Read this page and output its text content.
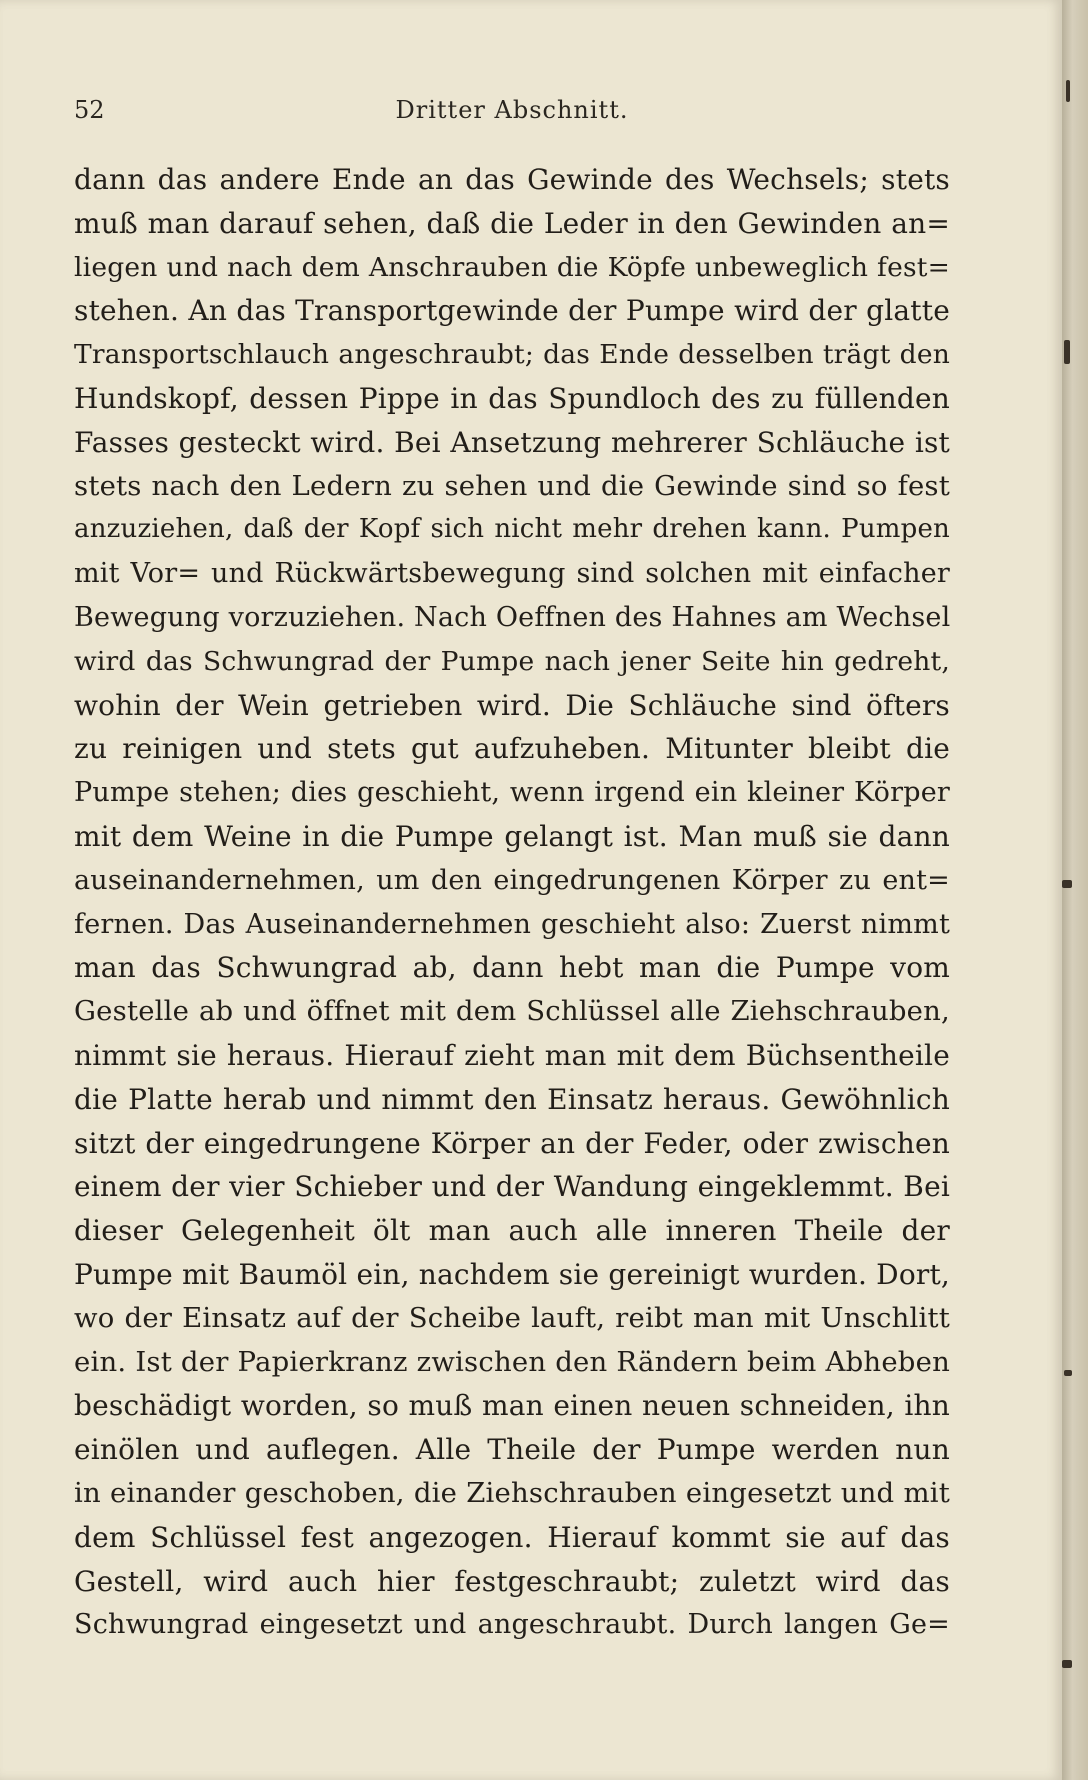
52	Dritter Abschnitt.
dann das andere Ende an das Gewinde des Wechsels; stets
muß man darauf sehen, daß die Leder in den Gewinden an=
liegen und nach dem Anschrauben die Köpfe unbeweglich fest=
stehen. An das Transportgewinde der Pumpe wird der glatte
Transportschlauch angeschraubt; das Ende desselben trägt den
Hundskopf, dessen Pippe in das Spundloch des zu füllenden
Fasses gesteckt wird. Bei Ansetzung mehrerer Schläuche ist
stets nach den Ledern zu sehen und die Gewinde sind so fest
anzuziehen, daß der Kopf sich nicht mehr drehen kann. Pumpen
mit Vor= und Rückwärtsbewegung sind solchen mit einfacher
Bewegung vorzuziehen. Nach Oeffnen des Hahnes am Wechsel
wird das Schwungrad der Pumpe nach jener Seite hin gedreht,
wohin der Wein getrieben wird. Die Schläuche sind öfters
zu reinigen und stets gut aufzuheben. Mitunter bleibt die
Pumpe stehen; dies geschieht, wenn irgend ein kleiner Körper
mit dem Weine in die Pumpe gelangt ist. Man muß sie dann
auseinandernehmen, um den eingedrungenen Körper zu ent=
fernen. Das Auseinandernehmen geschieht also: Zuerst nimmt
man das Schwungrad ab, dann hebt man die Pumpe vom
Gestelle ab und öffnet mit dem Schlüssel alle Ziehschrauben,
nimmt sie heraus. Hierauf zieht man mit dem Büchsentheile
die Platte herab und nimmt den Einsatz heraus. Gewöhnlich
sitzt der eingedrungene Körper an der Feder, oder zwischen
einem der vier Schieber und der Wandung eingeklemmt. Bei
dieser Gelegenheit ölt man auch alle inneren Theile der
Pumpe mit Baumöl ein, nachdem sie gereinigt wurden. Dort,
wo der Einsatz auf der Scheibe lauft, reibt man mit Unschlitt
ein. Ist der Papierkranz zwischen den Rändern beim Abheben
beschädigt worden, so muß man einen neuen schneiden, ihn
einölen und auflegen. Alle Theile der Pumpe werden nun
in einander geschoben, die Ziehschrauben eingesetzt und mit
dem Schlüssel fest angezogen. Hierauf kommt sie auf das
Gestell, wird auch hier festgeschraubt; zuletzt wird das
Schwungrad eingesetzt und angeschraubt. Durch langen Ge=
